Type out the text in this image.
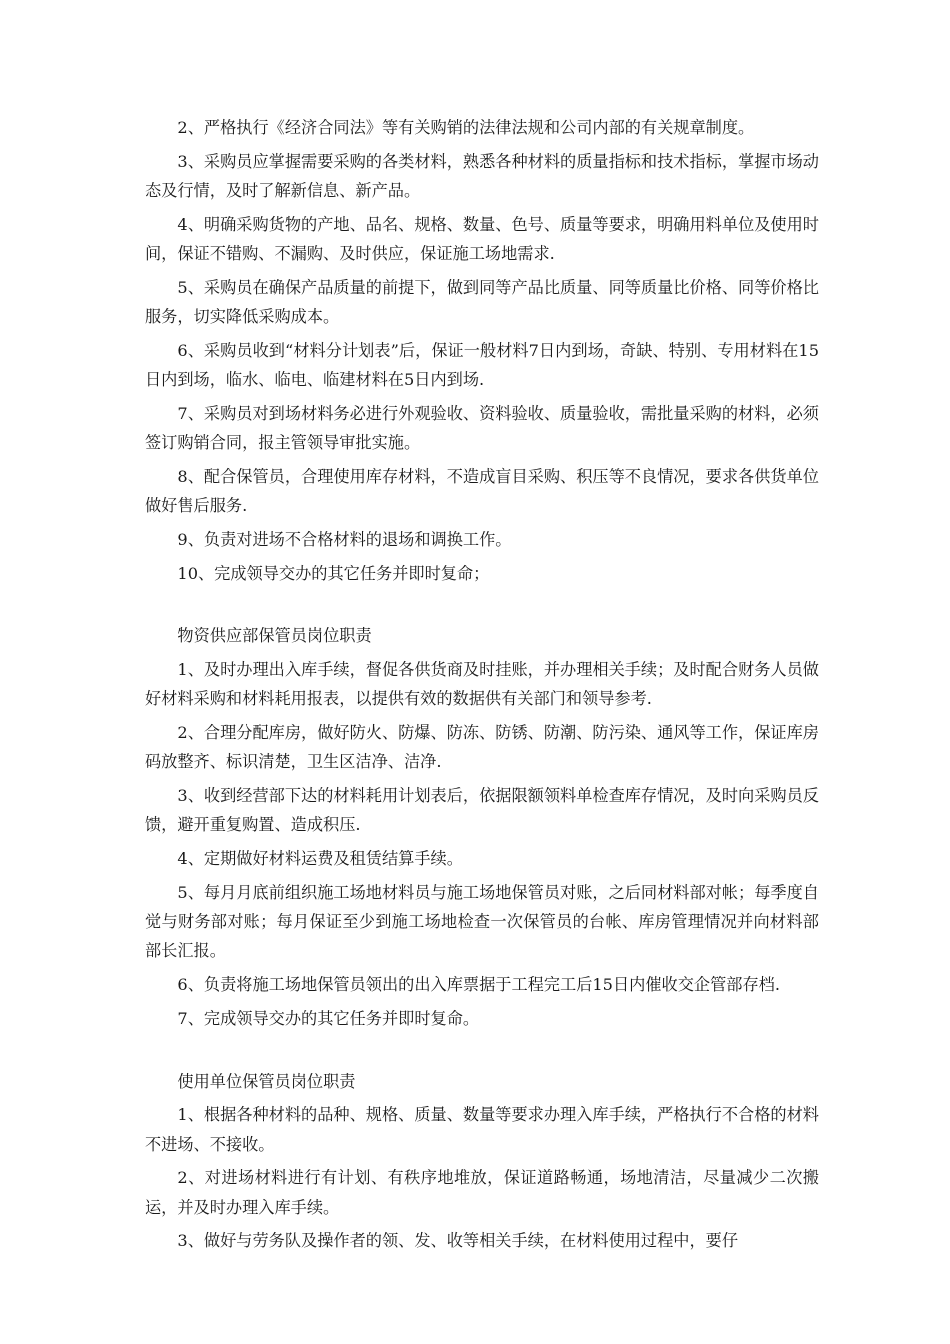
2、严格执行《经济合同法》等有关购销的法律法规和公司内部的有关规章制度。

3、采购员应掌握需要采购的各类材料，熟悉各种材料的质量指标和技术指标，掌握市场动态及行情，及时了解新信息、新产品。

4、明确采购货物的产地、品名、规格、数量、色号、质量等要求，明确用料单位及使用时间，保证不错购、不漏购、及时供应，保证施工场地需求.

5、采购员在确保产品质量的前提下，做到同等产品比质量、同等质量比价格、同等价格比服务，切实降低采购成本。

6、采购员收到“材料分计划表”后，保证一般材料7日内到场，奇缺、特别、专用材料在15日内到场，临水、临电、临建材料在5日内到场.

7、采购员对到场材料务必进行外观验收、资料验收、质量验收，需批量采购的材料，必须签订购销合同，报主管领导审批实施。

8、配合保管员，合理使用库存材料，不造成盲目采购、积压等不良情况，要求各供货单位做好售后服务.

9、负责对进场不合格材料的退场和调换工作。

10、完成领导交办的其它任务并即时复命；

物资供应部保管员岗位职责

1、及时办理出入库手续，督促各供货商及时挂账，并办理相关手续；及时配合财务人员做好材料采购和材料耗用报表，以提供有效的数据供有关部门和领导参考.

2、合理分配库房，做好防火、防爆、防冻、防锈、防潮、防污染、通风等工作，保证库房码放整齐、标识清楚，卫生区洁净、洁净.

3、收到经营部下达的材料耗用计划表后，依据限额领料单检查库存情况，及时向采购员反馈，避开重复购置、造成积压.

4、定期做好材料运费及租赁结算手续。

5、每月月底前组织施工场地材料员与施工场地保管员对账，之后同材料部对帐；每季度自觉与财务部对账；每月保证至少到施工场地检查一次保管员的台帐、库房管理情况并向材料部部长汇报。

6、负责将施工场地保管员领出的出入库票据于工程完工后15日内催收交企管部存档.

7、完成领导交办的其它任务并即时复命。

使用单位保管员岗位职责

1、根据各种材料的品种、规格、质量、数量等要求办理入库手续，严格执行不合格的材料不进场、不接收。

2、对进场材料进行有计划、有秩序地堆放，保证道路畅通，场地清洁，尽量减少二次搬运，并及时办理入库手续。

3、做好与劳务队及操作者的领、发、收等相关手续，在材料使用过程中，要仔
